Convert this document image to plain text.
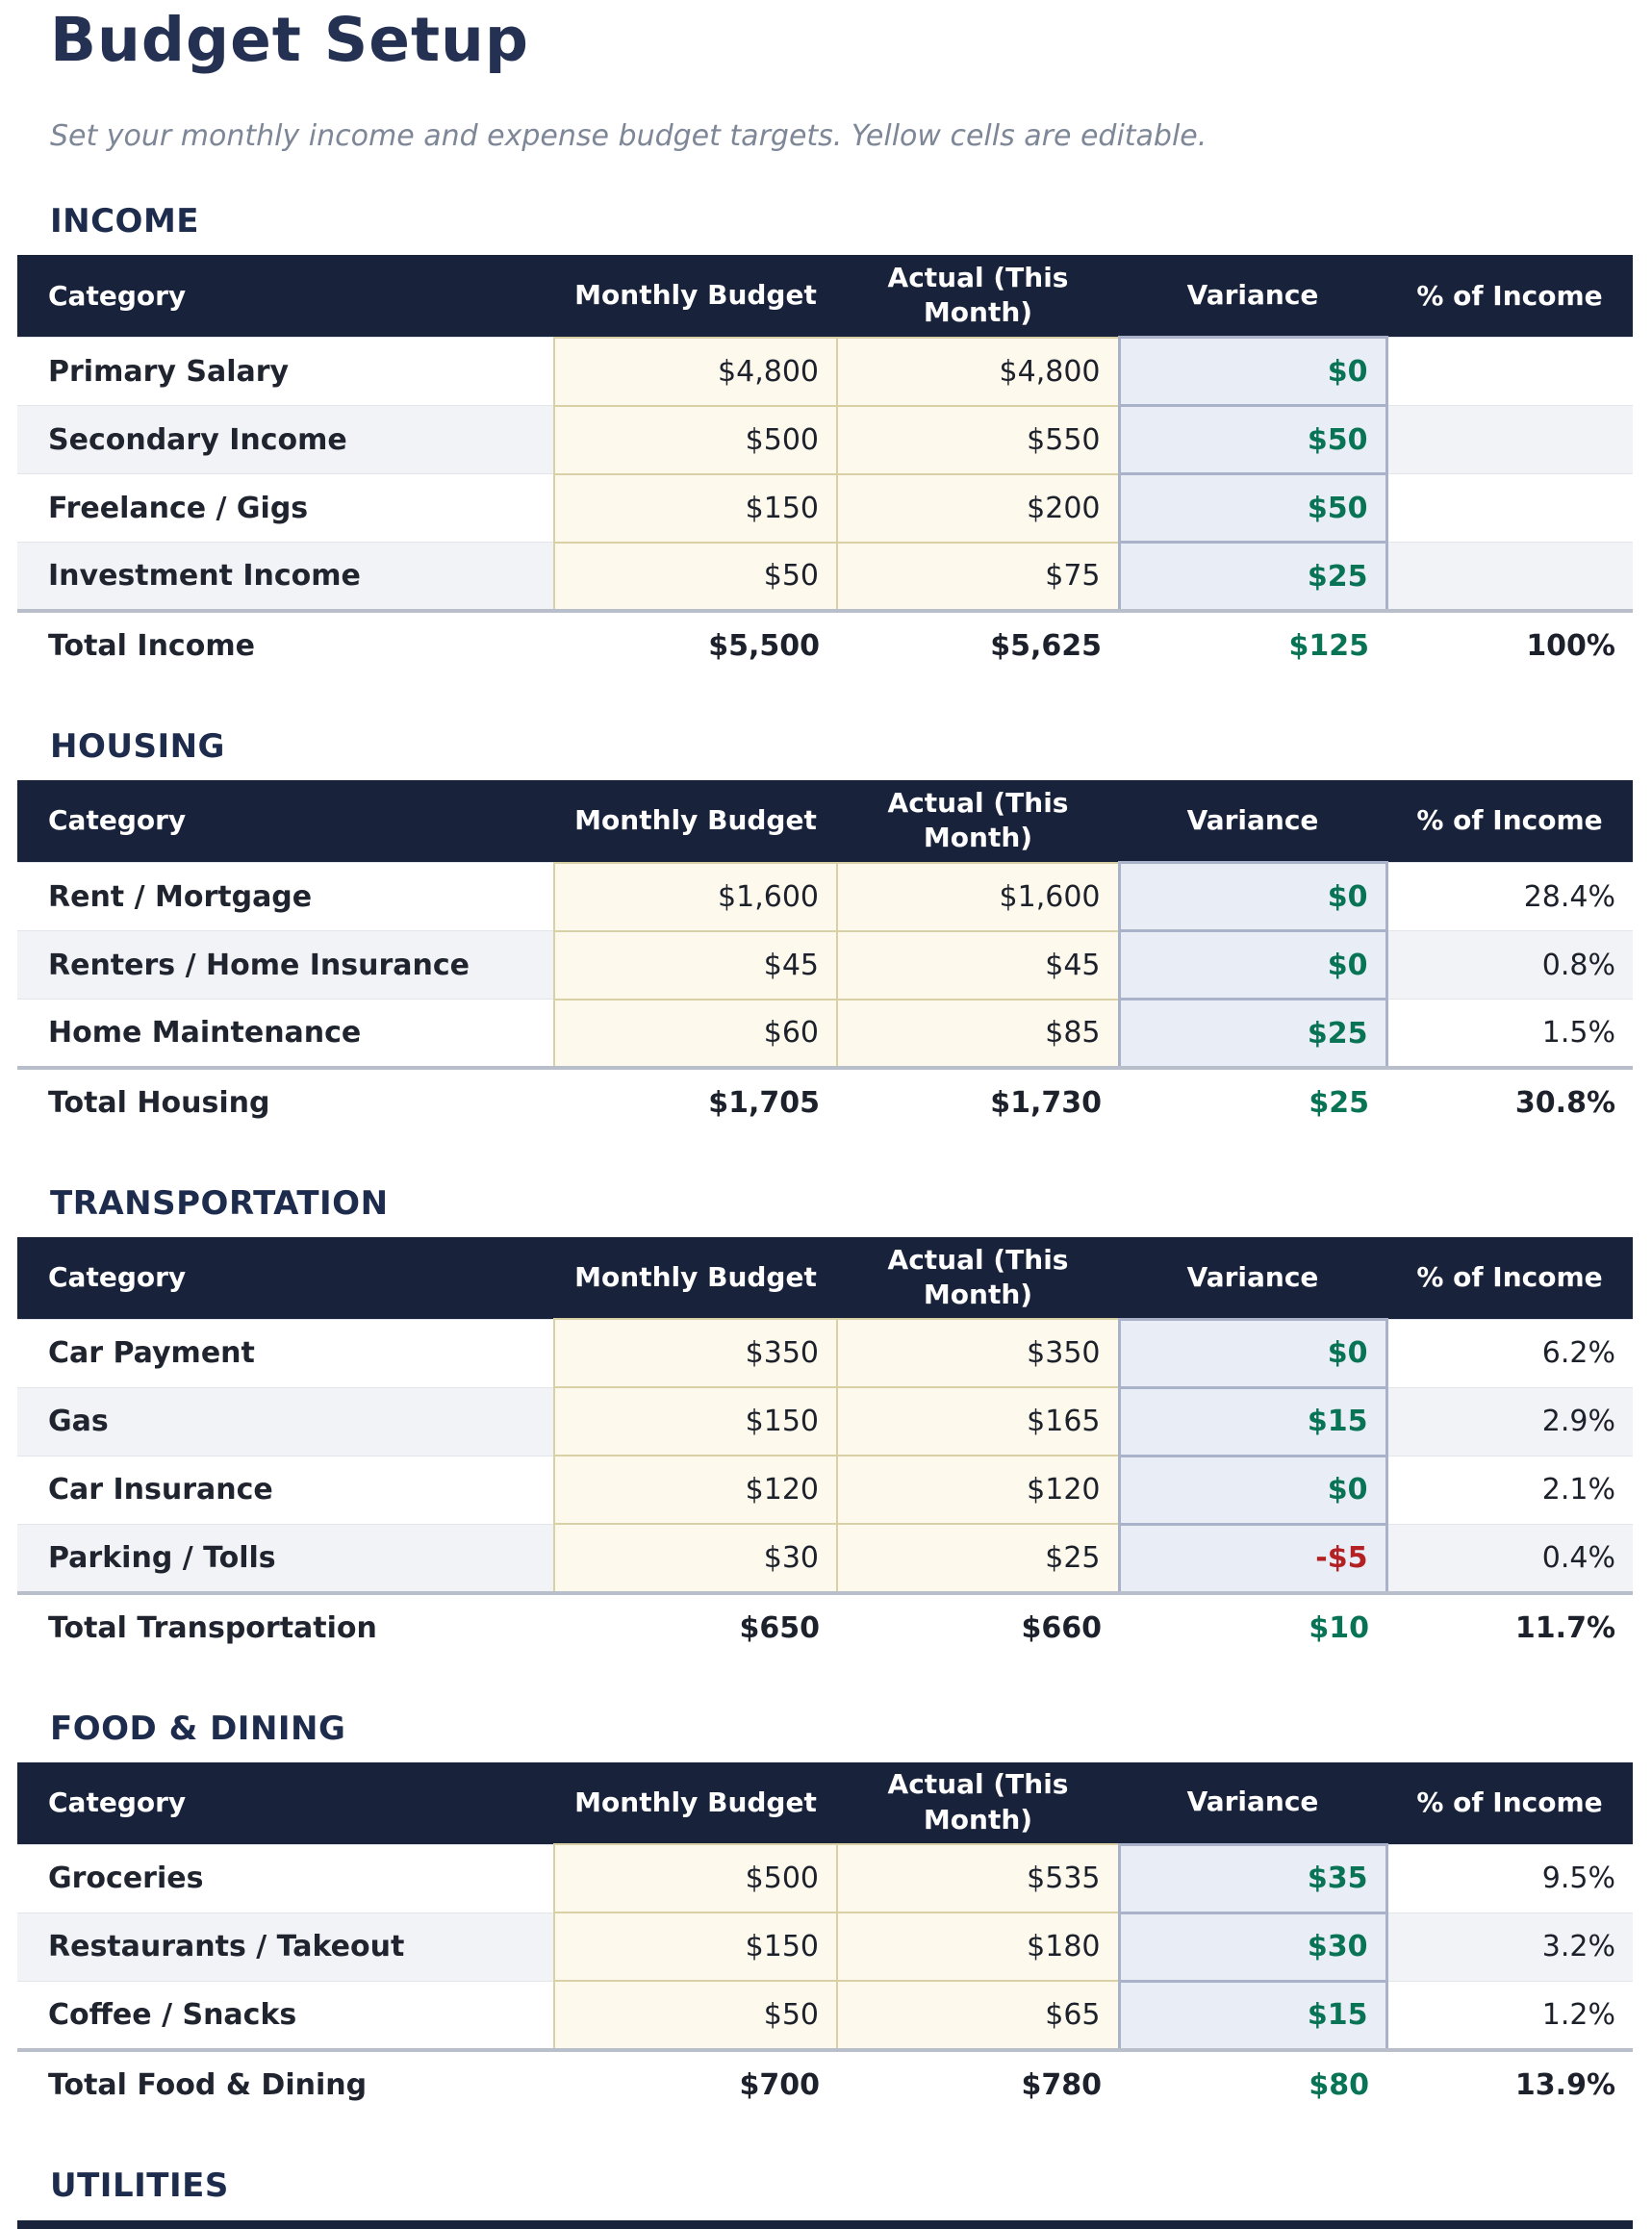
Budget Setup

Set your monthly income and expense budget targets. Yellow cells are editable.

INCOME
Category	Monthly Budget	Actual (This Month)	Variance	% of Income
Primary Salary	$4,800	$4,800	$0	
Secondary Income	$500	$550	$50	
Freelance / Gigs	$150	$200	$50	
Investment Income	$50	$75	$25	
Total Income	$5,500	$5,625	$125	100%
HOUSING
Category	Monthly Budget	Actual (This Month)	Variance	% of Income
Rent / Mortgage	$1,600	$1,600	$0	28.4%
Renters / Home Insurance	$45	$45	$0	0.8%
Home Maintenance	$60	$85	$25	1.5%
Total Housing	$1,705	$1,730	$25	30.8%
TRANSPORTATION
Category	Monthly Budget	Actual (This Month)	Variance	% of Income
Car Payment	$350	$350	$0	6.2%
Gas	$150	$165	$15	2.9%
Car Insurance	$120	$120	$0	2.1%
Parking / Tolls	$30	$25	-$5	0.4%
Total Transportation	$650	$660	$10	11.7%
FOOD & DINING
Category	Monthly Budget	Actual (This Month)	Variance	% of Income
Groceries	$500	$535	$35	9.5%
Restaurants / Takeout	$150	$180	$30	3.2%
Coffee / Snacks	$50	$65	$15	1.2%
Total Food & Dining	$700	$780	$80	13.9%
UTILITIES
